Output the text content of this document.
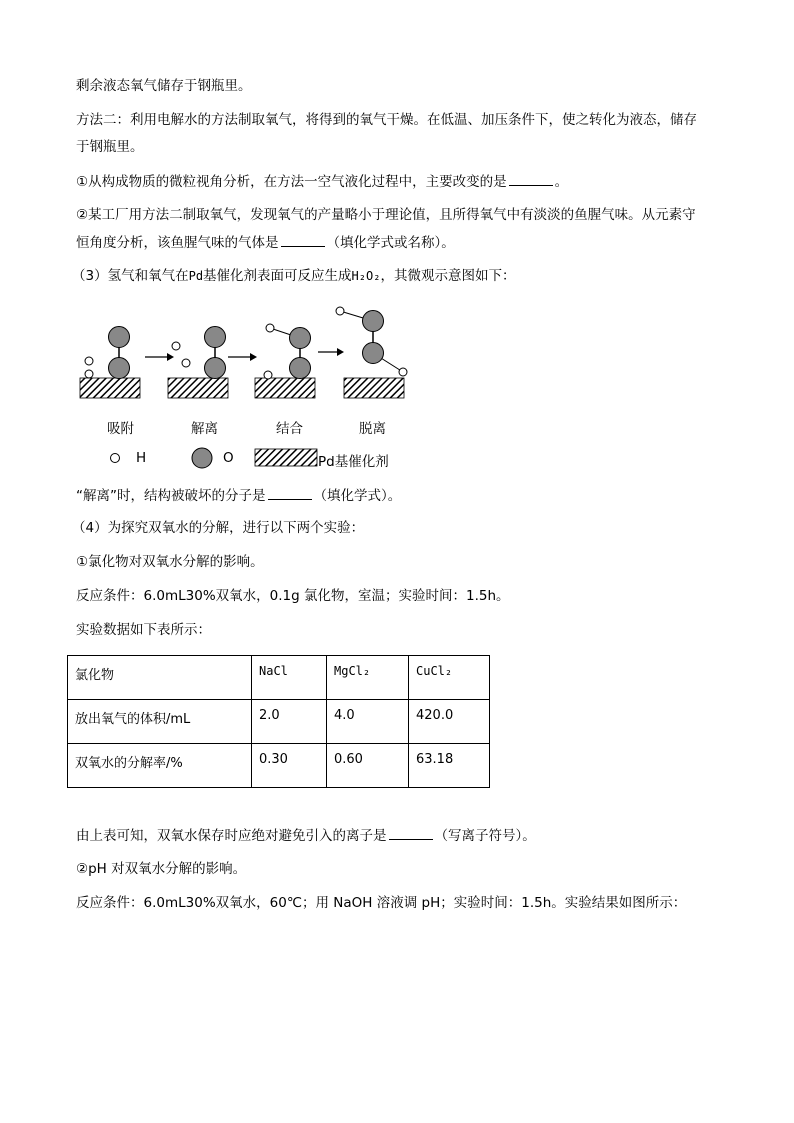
剩余液态氧气储存于钢瓶里。
方法二：利用电解水的方法制取氧气，将得到的氧气干燥。在低温、加压条件下，使之转化为液态，储存
于钢瓶里。
①从构成物质的微粒视角分析，在方法一空气液化过程中，主要改变的是	。
②某工厂用方法二制取氧气，发现氧气的产量略小于理论值，且所得氧气中有淡淡的鱼腥气味。从元素守
恒角度分析，该鱼腥气味的气体是	（填化学式或名称）。
（3）氢气和氧气在Pd基催化剂表面可反应生成H₂O₂，其微观示意图如下：
吸附	解离	结合	脱离
H	O	Pd基催化剂
“解离”时，结构被破坏的分子是	（填化学式）。
（4）为探究双氧水的分解，进行以下两个实验：
①氯化物对双氧水分解的影响。
反应条件：6.0mL30%双氧水，0.1g 氯化物，室温；实验时间：1.5h。
实验数据如下表所示：
氯化物	NaCl	MgCl₂	CuCl₂
放出氧气的体积/mL	2.0	4.0	420.0
双氧水的分解率/%	0.30	0.60	63.18
由上表可知，双氧水保存时应绝对避免引入的离子是	（写离子符号）。
②pH 对双氧水分解的影响。
反应条件：6.0mL30%双氧水，60℃；用 NaOH 溶液调 pH；实验时间：1.5h。实验结果如图所示：
